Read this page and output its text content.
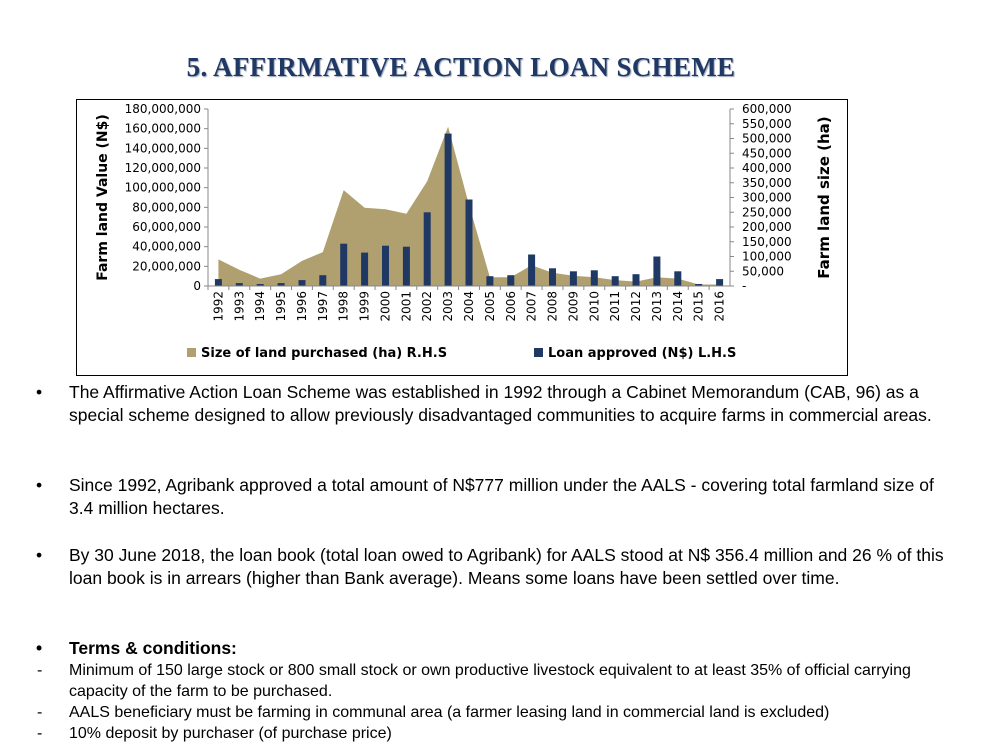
5. AFFIRMATIVE ACTION LOAN SCHEME
0
20,000,000
40,000,000
60,000,000
80,000,000
100,000,000
120,000,000
140,000,000
160,000,000
180,000,000
-
50,000
100,000
150,000
200,000
250,000
300,000
350,000
400,000
450,000
500,000
550,000
600,000
1992 1993 1994 1995 1996 1997 1998 1999 2000 2001 2002 2003 2004 2005 2006 2007 2008 2009 2010 2011 2012 2013 2014 2015 2016
Farm land Value (N$)	Farm land size (ha)
Size of land purchased (ha) R.H.S	Loan approved (N$) L.H.S
• The Affirmative Action Loan Scheme was established in 1992 through a Cabinet Memorandum (CAB, 96) as a special scheme designed to allow previously disadvantaged communities to acquire farms in commercial areas.
• Since 1992, Agribank approved a total amount of N$777 million under the AALS - covering total farmland size of 3.4 million hectares.
• By 30 June 2018, the loan book (total loan owed to Agribank) for AALS stood at N$ 356.4 million and 26 % of this loan book is in arrears (higher than Bank average). Means some loans have been settled over time.
• Terms & conditions:
- Minimum of 150 large stock or 800 small stock or own productive livestock equivalent to at least 35% of official carrying capacity of the farm to be purchased.
- AALS beneficiary must be farming in communal area (a farmer leasing land in commercial land is excluded)
- 10% deposit by purchaser (of purchase price)
